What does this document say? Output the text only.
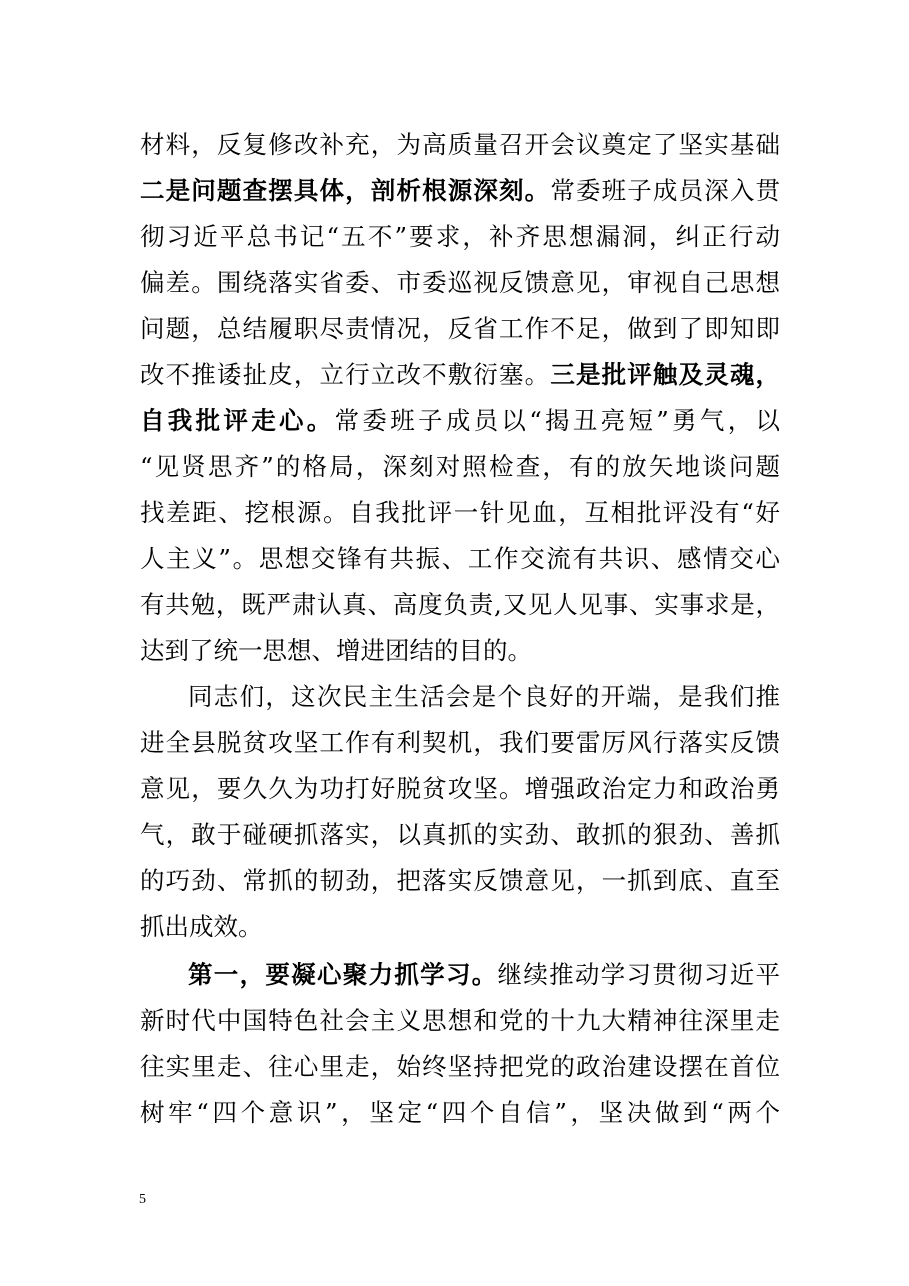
材料，反复修改补充，为高质量召开会议奠定了坚实基础
二是问题查摆具体，剖析根源深刻。常委班子成员深入贯
彻习近平总书记“五不”要求，补齐思想漏洞，纠正行动
偏差。围绕落实省委、市委巡视反馈意见，审视自己思想
问题，总结履职尽责情况，反省工作不足，做到了即知即
改不推诿扯皮，立行立改不敷衍塞。三是批评触及灵魂，
自我批评走心。常委班子成员以“揭丑亮短”勇气，以
“见贤思齐”的格局，深刻对照检查，有的放矢地谈问题
找差距、挖根源。自我批评一针见血，互相批评没有“好
人主义”。思想交锋有共振、工作交流有共识、感情交心
有共勉，既严肃认真、高度负责,又见人见事、实事求是，
达到了统一思想、增进团结的目的。
同志们，这次民主生活会是个良好的开端，是我们推
进全县脱贫攻坚工作有利契机，我们要雷厉风行落实反馈
意见，要久久为功打好脱贫攻坚。增强政治定力和政治勇
气，敢于碰硬抓落实，以真抓的实劲、敢抓的狠劲、善抓
的巧劲、常抓的韧劲，把落实反馈意见，一抓到底、直至
抓出成效。
第一，要凝心聚力抓学习。继续推动学习贯彻习近平
新时代中国特色社会主义思想和党的十九大精神往深里走
往实里走、往心里走，始终坚持把党的政治建设摆在首位
树牢“四个意识”，坚定“四个自信”，坚决做到“两个
5
